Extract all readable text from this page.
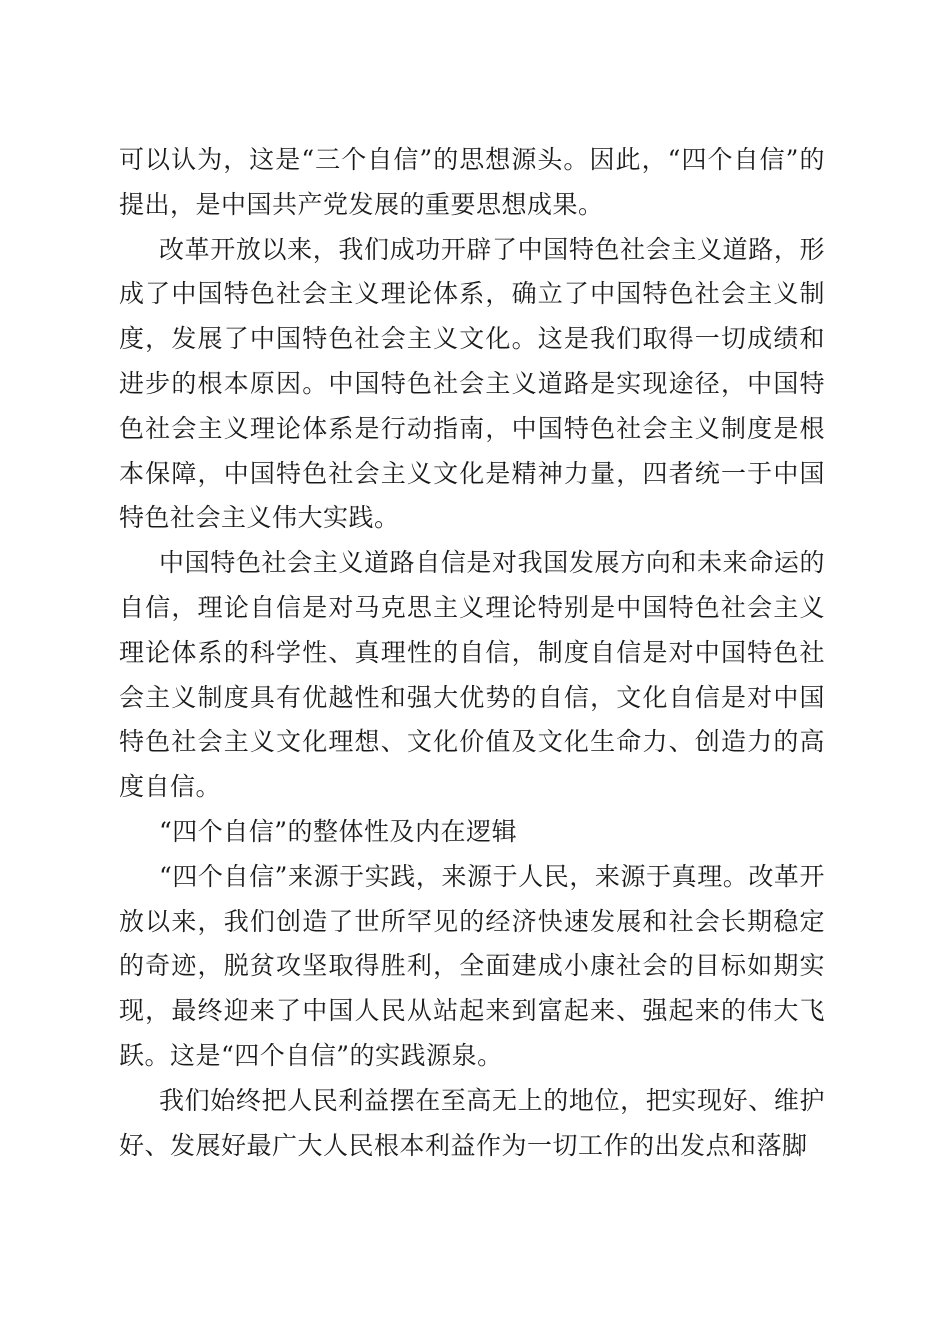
可以认为，这是“三个自信”的思想源头。因此，“四个自信”的提出，是中国共产党发展的重要思想成果。

改革开放以来，我们成功开辟了中国特色社会主义道路，形成了中国特色社会主义理论体系，确立了中国特色社会主义制度，发展了中国特色社会主义文化。这是我们取得一切成绩和进步的根本原因。中国特色社会主义道路是实现途径，中国特色社会主义理论体系是行动指南，中国特色社会主义制度是根本保障，中国特色社会主义文化是精神力量，四者统一于中国特色社会主义伟大实践。

中国特色社会主义道路自信是对我国发展方向和未来命运的自信，理论自信是对马克思主义理论特别是中国特色社会主义理论体系的科学性、真理性的自信，制度自信是对中国特色社会主义制度具有优越性和强大优势的自信，文化自信是对中国特色社会主义文化理想、文化价值及文化生命力、创造力的高度自信。

“四个自信”的整体性及内在逻辑

“四个自信”来源于实践，来源于人民，来源于真理。改革开放以来，我们创造了世所罕见的经济快速发展和社会长期稳定的奇迹，脱贫攻坚取得胜利，全面建成小康社会的目标如期实现，最终迎来了中国人民从站起来到富起来、强起来的伟大飞跃。这是“四个自信”的实践源泉。

我们始终把人民利益摆在至高无上的地位，把实现好、维护好、发展好最广大人民根本利益作为一切工作的出发点和落脚
